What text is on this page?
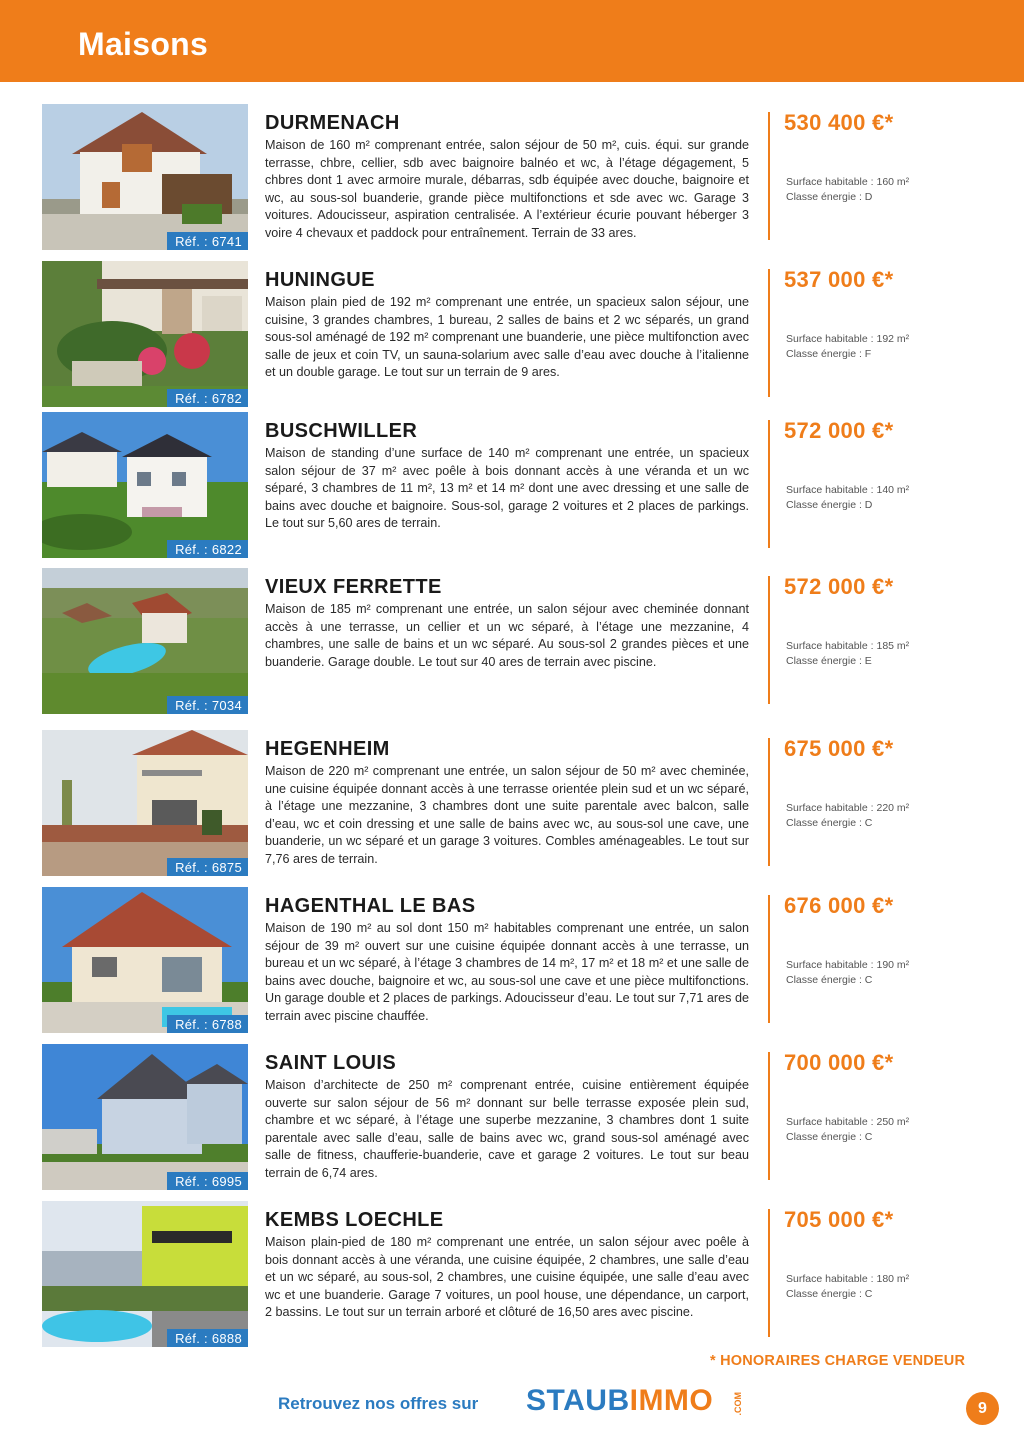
Maisons
Réf. : 6741
DURMENACH

Maison de 160 m² comprenant entrée, salon séjour de 50 m², cuis. équi. sur grande terrasse, chbre, cellier, sdb avec baignoire balnéo et wc, à l’étage dégagement, 5 chbres dont 1 avec armoire murale, débarras, sdb équipée avec douche, baignoire et wc, au sous-sol buanderie, grande pièce multifonctions et sde avec wc. Garage 3 voitures. Adoucisseur, aspiration centralisée. A l’extérieur écurie pouvant héberger 3 voire 4 chevaux et paddock pour entraînement. Terrain de 33 ares.

530 400 €*
Surface habitable : 160 m²
Classe énergie : D
Réf. : 6782
HUNINGUE

Maison plain pied de 192 m² comprenant une entrée, un spacieux salon séjour, une cuisine, 3 grandes chambres, 1 bureau, 2 salles de bains et 2 wc séparés, un grand sous-sol aménagé de 192 m² comprenant une buanderie, une pièce multifonction avec salle de jeux et coin TV, un sauna-solarium avec salle d’eau avec douche à l’italienne et un double garage. Le tout sur un terrain de 9 ares.

537 000 €*
Surface habitable : 192 m²
Classe énergie : F
Réf. : 6822
BUSCHWILLER

Maison de standing d’une surface de 140 m² comprenant une entrée, un spacieux salon séjour de 37 m² avec poêle à bois donnant accès à une véranda et un wc séparé, 3 chambres de 11 m², 13 m² et 14 m² dont une avec dressing et une salle de bains avec douche et baignoire. Sous-sol, garage 2 voitures et 2 places de parkings. Le tout sur 5,60 ares de terrain.

572 000 €*
Surface habitable : 140 m²
Classe énergie : D
Réf. : 7034
VIEUX FERRETTE

Maison de 185 m² comprenant une entrée, un salon séjour avec cheminée donnant accès à une terrasse, un cellier et un wc séparé, à l’étage une mezzanine, 4 chambres, une salle de bains et un wc séparé. Au sous-sol 2 grandes pièces et une buanderie. Garage double. Le tout sur 40 ares de terrain avec piscine.

572 000 €*
Surface habitable : 185 m²
Classe énergie : E
Réf. : 6875
HEGENHEIM

Maison de 220 m² comprenant une entrée, un salon séjour de 50 m² avec cheminée, une cuisine équipée donnant accès à une terrasse orientée plein sud et un wc séparé, à l’étage une mezzanine, 3 chambres dont une suite parentale avec balcon, salle d’eau, wc et coin dressing et une salle de bains avec wc, au sous-sol une cave, une buanderie, un wc séparé et un garage 3 voitures. Combles aménageables. Le tout sur 7,76 ares de terrain.

675 000 €*
Surface habitable : 220 m²
Classe énergie : C
Réf. : 6788
HAGENTHAL LE BAS

Maison de 190 m² au sol dont 150 m² habitables comprenant une entrée, un salon séjour de 39 m² ouvert sur une cuisine équipée donnant accès à une terrasse, un bureau et un wc séparé, à l’étage 3 chambres de 14 m², 17 m² et 18 m² et une salle de bains avec douche, baignoire et wc, au sous-sol une cave et une pièce multifonctions. Un garage double et 2 places de parkings. Adoucisseur d’eau. Le tout sur 7,71 ares de terrain avec piscine chauffée.

676 000 €*
Surface habitable : 190 m²
Classe énergie : C
Réf. : 6995
SAINT LOUIS

Maison d’architecte de 250 m² comprenant entrée, cuisine entièrement équipée ouverte sur salon séjour de 56 m² donnant sur belle terrasse exposée plein sud, chambre et wc séparé, à l’étage une superbe mezzanine, 3 chambres dont 1 suite parentale avec salle d’eau, salle de bains avec wc, grand sous-sol aménagé avec salle de fitness, chaufferie-buanderie, cave et garage 2 voitures. Le tout sur beau terrain de 6,74 ares.

700 000 €*
Surface habitable : 250 m²
Classe énergie : C
Réf. : 6888
KEMBS LOECHLE

Maison plain-pied de 180 m² comprenant une entrée, un salon séjour avec poêle à bois donnant accès à une véranda, une cuisine équipée, 2 chambres, une salle d’eau et un wc séparé, au sous-sol, 2 chambres, une cuisine équipée, une salle d’eau avec wc et une buanderie. Garage 7 voitures, un pool house, une dépendance, un carport, 2 bassins. Le tout sur un terrain arboré et clôturé de 16,50 ares avec piscine.

705 000 €*
Surface habitable : 180 m²
Classe énergie : C
* HONORAIRES CHARGE VENDEUR
Retrouvez nos offres sur STAUBIMMO .COM	9
